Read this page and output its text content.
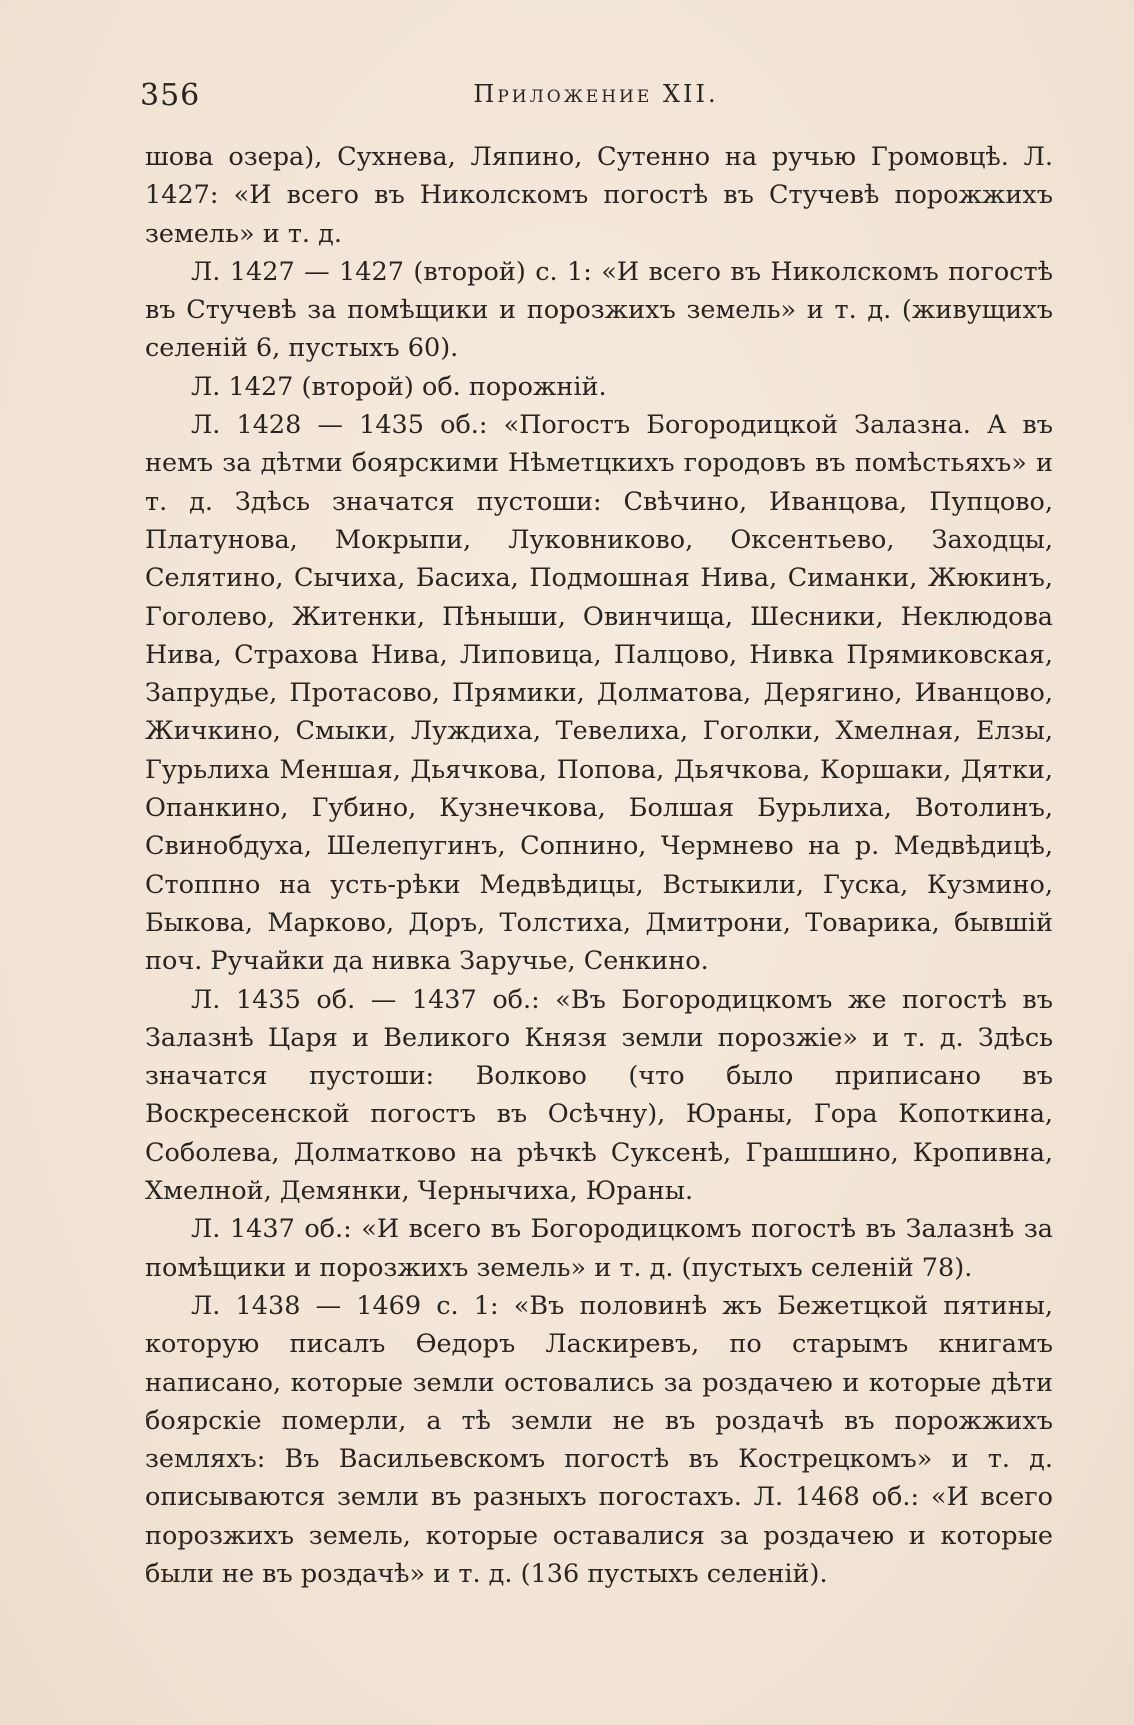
356	Приложение XII.

шова озера), Сухнева, Ляпино, Сутенно на ручью Громовцѣ. Л. 1427: «И всего въ Николскомъ погостѣ въ Стучевѣ порожжихъ земель» и т. д.

Л. 1427 — 1427 (второй) с. 1: «И всего въ Николскомъ погостѣ въ Стучевѣ за помѣщики и порозжихъ земель» и т. д. (живущихъ селеній 6, пустыхъ 60).

Л. 1427 (второй) об. порожній.

Л. 1428 — 1435 об.: «Погостъ Богородицкой Залазна. А въ немъ за дѣтми боярскими Нѣметцкихъ городовъ въ помѣстьяхъ» и т. д. Здѣсь значатся пустоши: Свѣчино, Иванцова, Пупцово, Платунова, Мокрыпи, Луковниково, Оксентьево, Заходцы, Селятино, Сычиха, Басиха, Подмошная Нива, Симанки, Жюкинъ, Гоголево, Житенки, Пѣныши, Овинчища, Шесники, Неклюдова Нива, Страхова Нива, Липовица, Палцово, Нивка Прямиковская, Запрудье, Протасово, Прямики, Долматова, Дерягино, Иванцово, Жичкино, Смыки, Луждиха, Тевелиха, Гоголки, Хмелная, Елзы, Гурьлиха Меншая, Дьячкова, Попова, Дьячкова, Коршаки, Дятки, Опанкино, Губино, Кузнечкова, Болшая Бурьлиха, Вотолинъ, Свинобдуха, Шелепугинъ, Сопнино, Чермнево на р. Медвѣдицѣ, Стоппно на усть-рѣки Медвѣдицы, Встыкили, Гуска, Кузмино, Быкова, Марково, Доръ, Толстиха, Дмитрони, Товарика, бывшій поч. Ручайки да нивка Заручье, Сенкино.

Л. 1435 об. — 1437 об.: «Въ Богородицкомъ же погостѣ въ Залазнѣ Царя и Великого Князя земли порозжіе» и т. д. Здѣсь значатся пустоши: Волково (что было приписано въ Воскресенской погостъ въ Осѣчну), Юраны, Гора Копоткина, Соболева, Долматково на рѣчкѣ Суксенѣ, Грашшино, Кропивна, Хмелной, Демянки, Чернычиха, Юраны.

Л. 1437 об.: «И всего въ Богородицкомъ погостѣ въ Залазнѣ за помѣщики и порозжихъ земель» и т. д. (пустыхъ селеній 78).

Л. 1438 — 1469 с. 1: «Въ половинѣ жъ Бежетцкой пятины, которую писалъ Ѳедоръ Ласкиревъ, по старымъ книгамъ написано, которые земли остовались за роздачею и которые дѣти боярскіе померли, а тѣ земли не въ роздачѣ въ порожжихъ земляхъ: Въ Васильевскомъ погостѣ въ Кострецкомъ» и т. д. описываются земли въ разныхъ погостахъ. Л. 1468 об.: «И всего порозжихъ земель, которые оставалися за роздачею и которые были не въ роздачѣ» и т. д. (136 пустыхъ селеній).
